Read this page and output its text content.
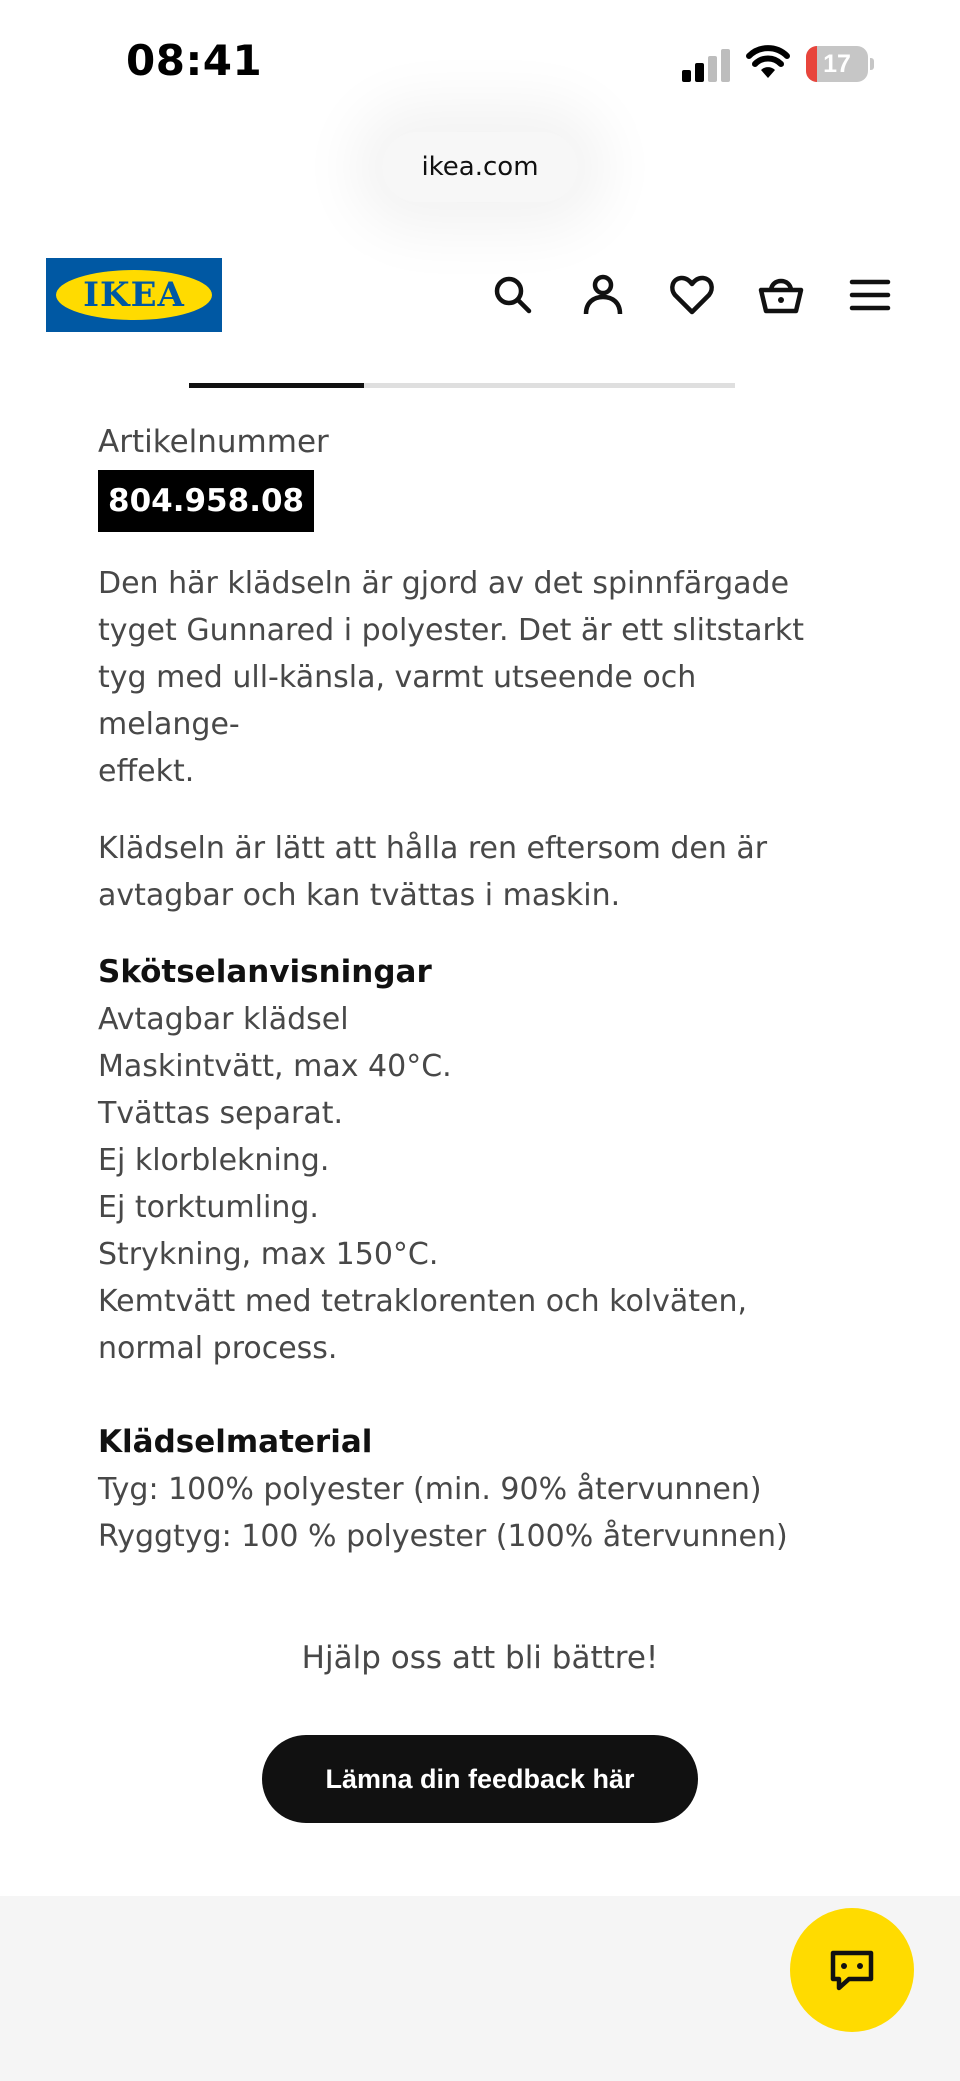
08:41	17
ikea.com
IKEA
Artikelnummer
804.958.08

Den här klädseln är gjord av det spinnfärgade
tyget Gunnared i polyester. Det är ett slitstarkt
tyg med ull-känsla, varmt utseende och melange-
effekt.

Klädseln är lätt att hålla ren eftersom den är
avtagbar och kan tvättas i maskin.

Skötselanvisningar
Avtagbar klädsel
Maskintvätt, max 40°C.
Tvättas separat.
Ej klorblekning.
Ej torktumling.
Strykning, max 150°C.
Kemtvätt med tetraklorenten och kolväten,
normal process.
Klädselmaterial
Tyg: 100% polyester (min. 90% återvunnen)
Ryggtyg: 100 % polyester (100% återvunnen)
Hjälp oss att bli bättre!
Lämna din feedback här
